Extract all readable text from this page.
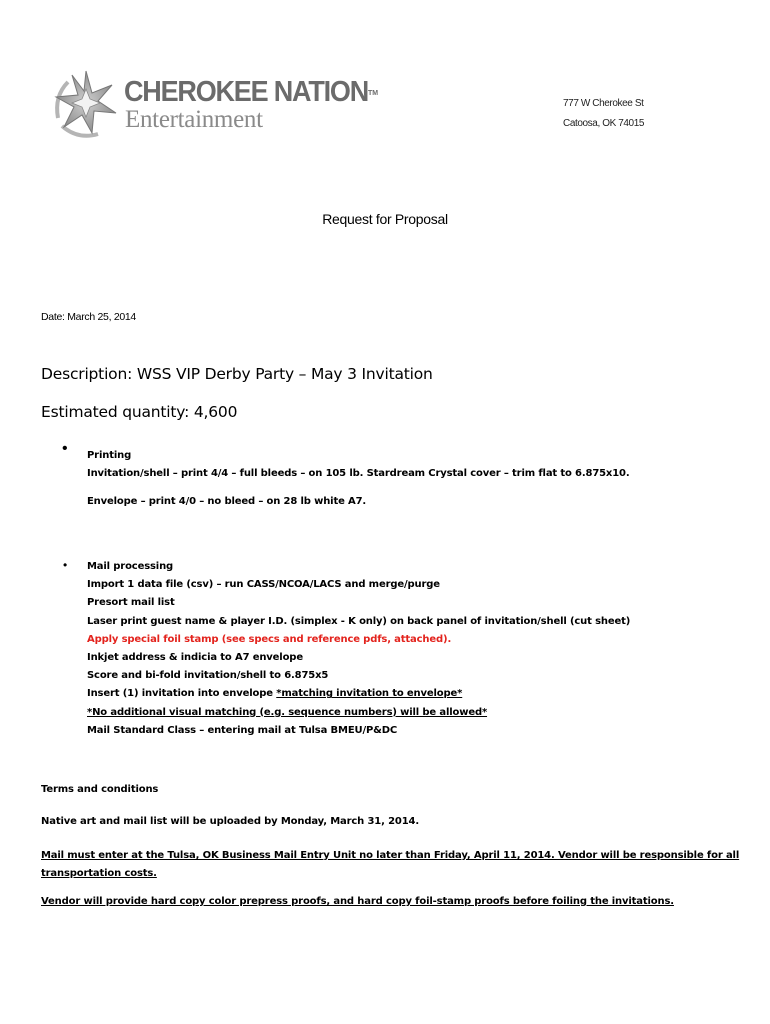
CHEROKEE NATION™
Entertainment
777 W Cherokee St
Catoosa, OK 74015
Request for Proposal
Date: March 25, 2014
Description: WSS VIP Derby Party – May 3 Invitation
Estimated quantity: 4,600
• Printing
Invitation/shell – print 4/4 – full bleeds – on 105 lb. Stardream Crystal cover – trim flat to 6.875x10.
Envelope – print 4/0 – no bleed – on 28 lb white A7.
• Mail processing
Import 1 data file (csv) – run CASS/NCOA/LACS and merge/purge
Presort mail list
Laser print guest name & player I.D. (simplex - K only) on back panel of invitation/shell (cut sheet)
Apply special foil stamp (see specs and reference pdfs, attached).
Inkjet address & indicia to A7 envelope
Score and bi-fold invitation/shell to 6.875x5
Insert (1) invitation into envelope *matching invitation to envelope*
*No additional visual matching (e.g. sequence numbers) will be allowed*
Mail Standard Class – entering mail at Tulsa BMEU/P&DC
Terms and conditions
Native art and mail list will be uploaded by Monday, March 31, 2014.
Mail must enter at the Tulsa, OK Business Mail Entry Unit no later than Friday, April 11, 2014. Vendor will be responsible for all
transportation costs.
Vendor will provide hard copy color prepress proofs, and hard copy foil-stamp proofs before foiling the invitations.
